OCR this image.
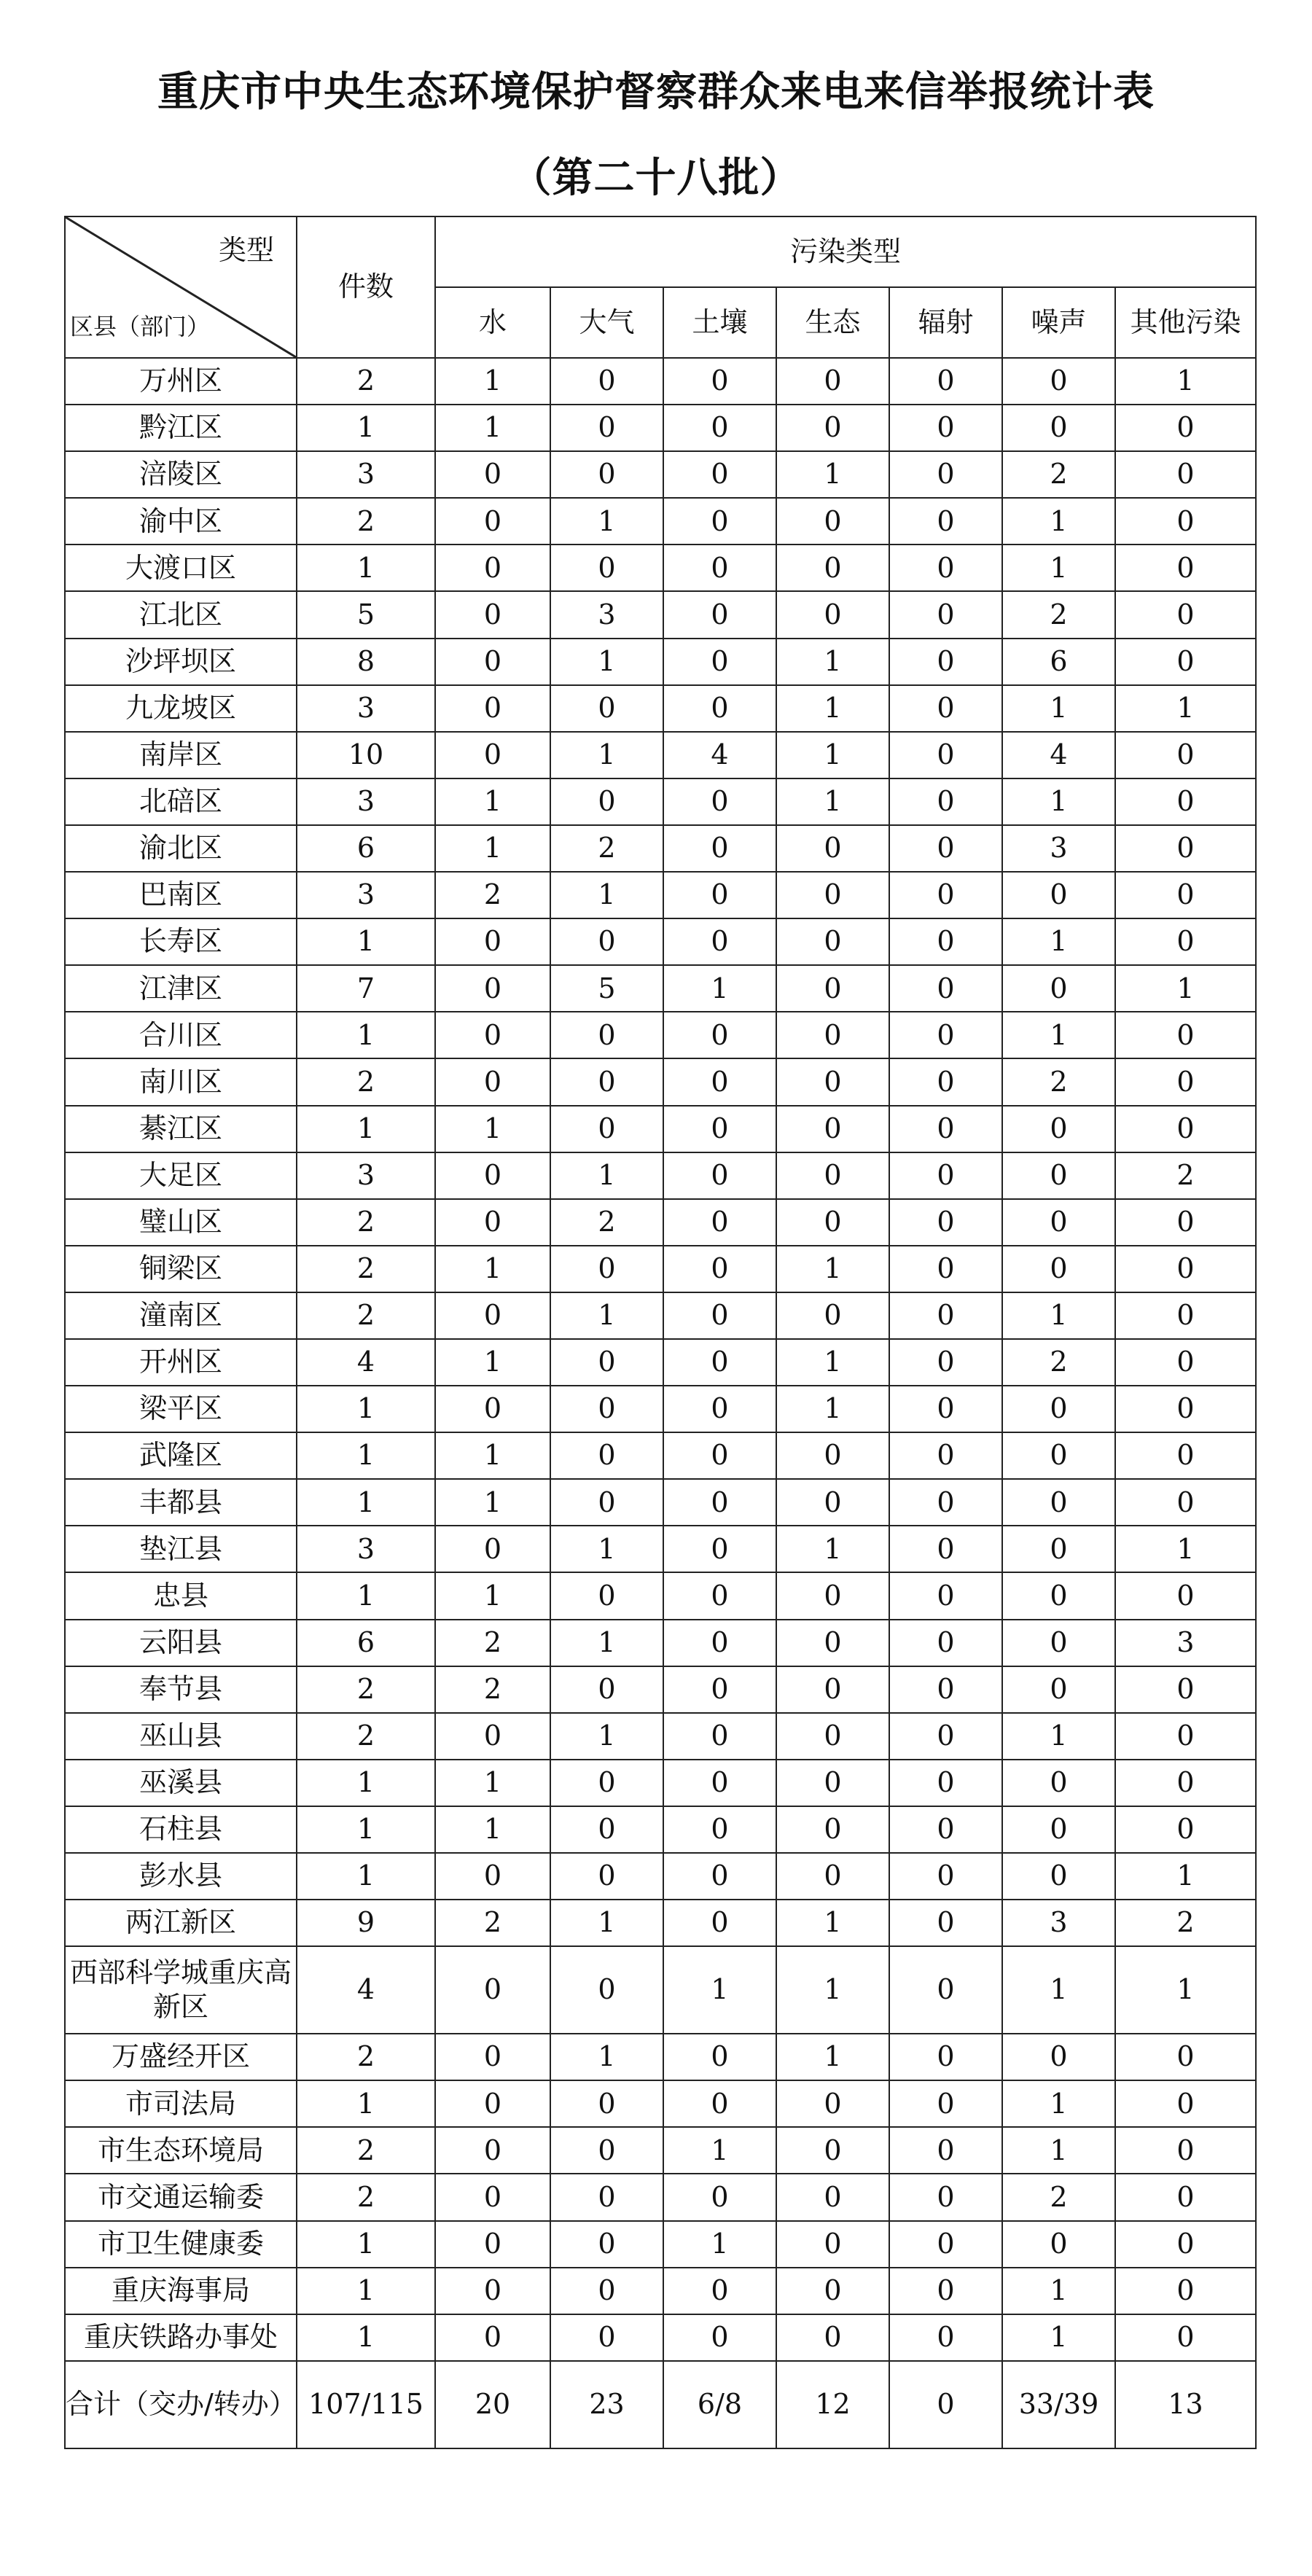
重庆市中央生态环境保护督察群众来电来信举报统计表
（第二十八批）
类型
区县（部门）	件数	污染类型						
		水	大气	土壤	生态	辐射	噪声	其他污染
万州区	2	1	0	0	0	0	0	1
黔江区	1	1	0	0	0	0	0	0
涪陵区	3	0	0	0	1	0	2	0
渝中区	2	0	1	0	0	0	1	0
大渡口区	1	0	0	0	0	0	1	0
江北区	5	0	3	0	0	0	2	0
沙坪坝区	8	0	1	0	1	0	6	0
九龙坡区	3	0	0	0	1	0	1	1
南岸区	10	0	1	4	1	0	4	0
北碚区	3	1	0	0	1	0	1	0
渝北区	6	1	2	0	0	0	3	0
巴南区	3	2	1	0	0	0	0	0
长寿区	1	0	0	0	0	0	1	0
江津区	7	0	5	1	0	0	0	1
合川区	1	0	0	0	0	0	1	0
南川区	2	0	0	0	0	0	2	0
綦江区	1	1	0	0	0	0	0	0
大足区	3	0	1	0	0	0	0	2
璧山区	2	0	2	0	0	0	0	0
铜梁区	2	1	0	0	1	0	0	0
潼南区	2	0	1	0	0	0	1	0
开州区	4	1	0	0	1	0	2	0
梁平区	1	0	0	0	1	0	0	0
武隆区	1	1	0	0	0	0	0	0
丰都县	1	1	0	0	0	0	0	0
垫江县	3	0	1	0	1	0	0	1
忠县	1	1	0	0	0	0	0	0
云阳县	6	2	1	0	0	0	0	3
奉节县	2	2	0	0	0	0	0	0
巫山县	2	0	1	0	0	0	1	0
巫溪县	1	1	0	0	0	0	0	0
石柱县	1	1	0	0	0	0	0	0
彭水县	1	0	0	0	0	0	0	1
两江新区	9	2	1	0	1	0	3	2
西部科学城重庆高新区	4	0	0	1	1	0	1	1
万盛经开区	2	0	1	0	1	0	0	0
市司法局	1	0	0	0	0	0	1	0
市生态环境局	2	0	0	1	0	0	1	0
市交通运输委	2	0	0	0	0	0	2	0
市卫生健康委	1	0	0	1	0	0	0	0
重庆海事局	1	0	0	0	0	0	1	0
重庆铁路办事处	1	0	0	0	0	0	1	0
合计（交办/转办）	107/115	20	23	6/8	12	0	33/39	13
